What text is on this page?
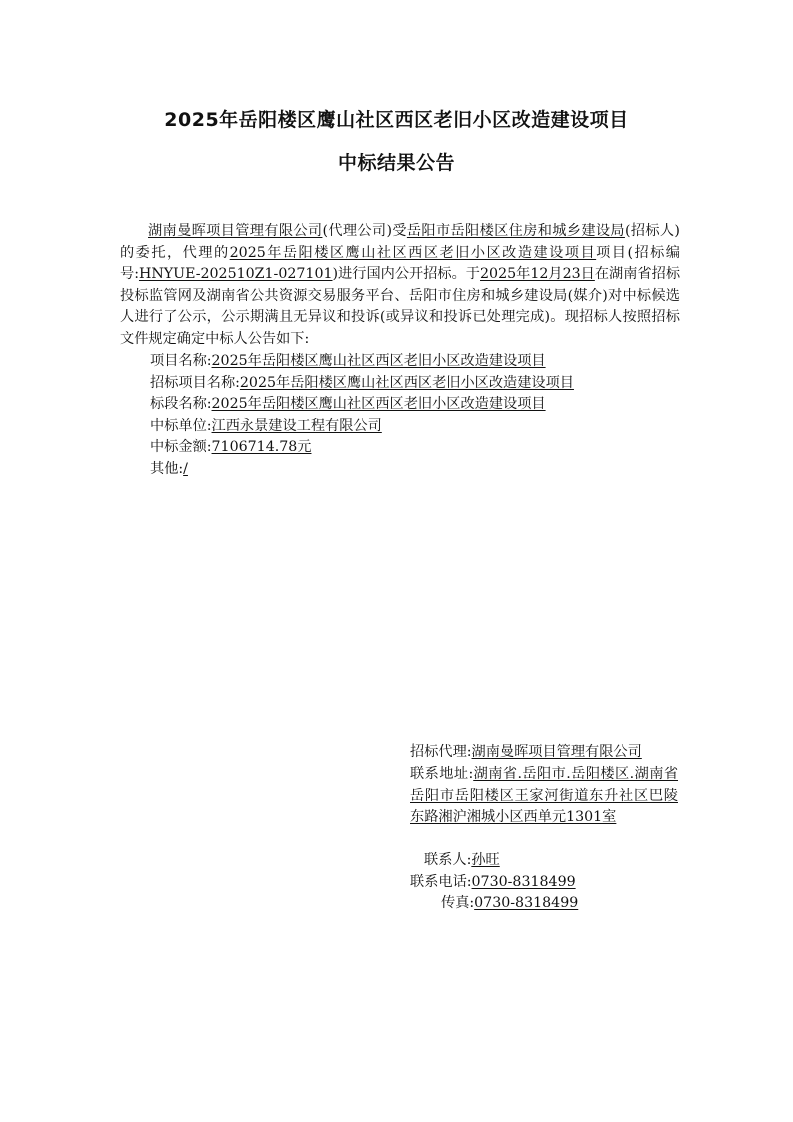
2025年岳阳楼区鹰山社区西区老旧小区改造建设项目
中标结果公告
湖南曼晖项目管理有限公司(代理公司)受岳阳市岳阳楼区住房和城乡建设局(招标人)的委托，代理的2025年岳阳楼区鹰山社区西区老旧小区改造建设项目项目(招标编号:HNYUE-202510Z1-027101)进行国内公开招标。于2025年12月23日在湖南省招标投标监管网及湖南省公共资源交易服务平台、岳阳市住房和城乡建设局(媒介)对中标候选人进行了公示，公示期满且无异议和投诉(或异议和投诉已处理完成)。现招标人按照招标文件规定确定中标人公告如下:
项目名称:2025年岳阳楼区鹰山社区西区老旧小区改造建设项目
招标项目名称:2025年岳阳楼区鹰山社区西区老旧小区改造建设项目
标段名称:2025年岳阳楼区鹰山社区西区老旧小区改造建设项目
中标单位:江西永景建设工程有限公司
中标金额:7106714.78元
其他:/
招标代理:湖南曼晖项目管理有限公司
联系地址:湖南省.岳阳市.岳阳楼区.湖南省岳阳市岳阳楼区王家河街道东升社区巴陵东路湘沪湘城小区西单元1301室
联系人:孙旺
联系电话:0730-8318499
传真:0730-8318499
